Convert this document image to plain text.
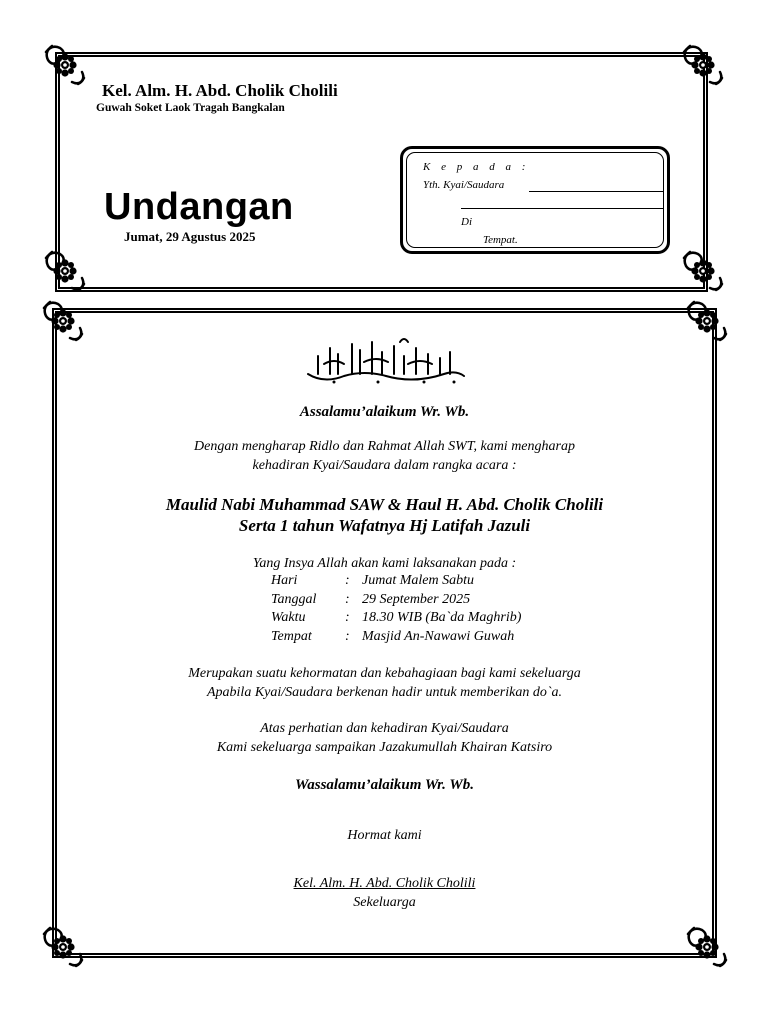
Kel. Alm. H. Abd. Cholik Cholili
Guwah Soket Laok Tragah Bangkalan
Undangan
Jumat, 29 Agustus 2025
K e p a d a :
Yth. Kyai/Saudara
Di
Tempat.
Assalamu’alaikum Wr. Wb.
Dengan mengharap Ridlo dan Rahmat Allah SWT, kami mengharap
kehadiran Kyai/Saudara dalam rangka acara :
Maulid Nabi Muhammad SAW & Haul H. Abd. Cholik Cholili
Serta 1 tahun Wafatnya Hj Latifah Jazuli
Yang Insya Allah akan kami laksanakan pada :
Hari	: Jumat Malem Sabtu
Tanggal : 29 September 2025
Waktu	: 18.30 WIB (Ba`da Maghrib)
Tempat : Masjid An-Nawawi Guwah
Merupakan suatu kehormatan dan kebahagiaan bagi kami sekeluarga
Apabila Kyai/Saudara berkenan hadir untuk memberikan do`a.
Atas perhatian dan kehadiran Kyai/Saudara
Kami sekeluarga sampaikan Jazakumullah Khairan Katsiro
Wassalamu’alaikum Wr. Wb.
Hormat kami
Kel. Alm. H. Abd. Cholik Cholili
Sekeluarga
